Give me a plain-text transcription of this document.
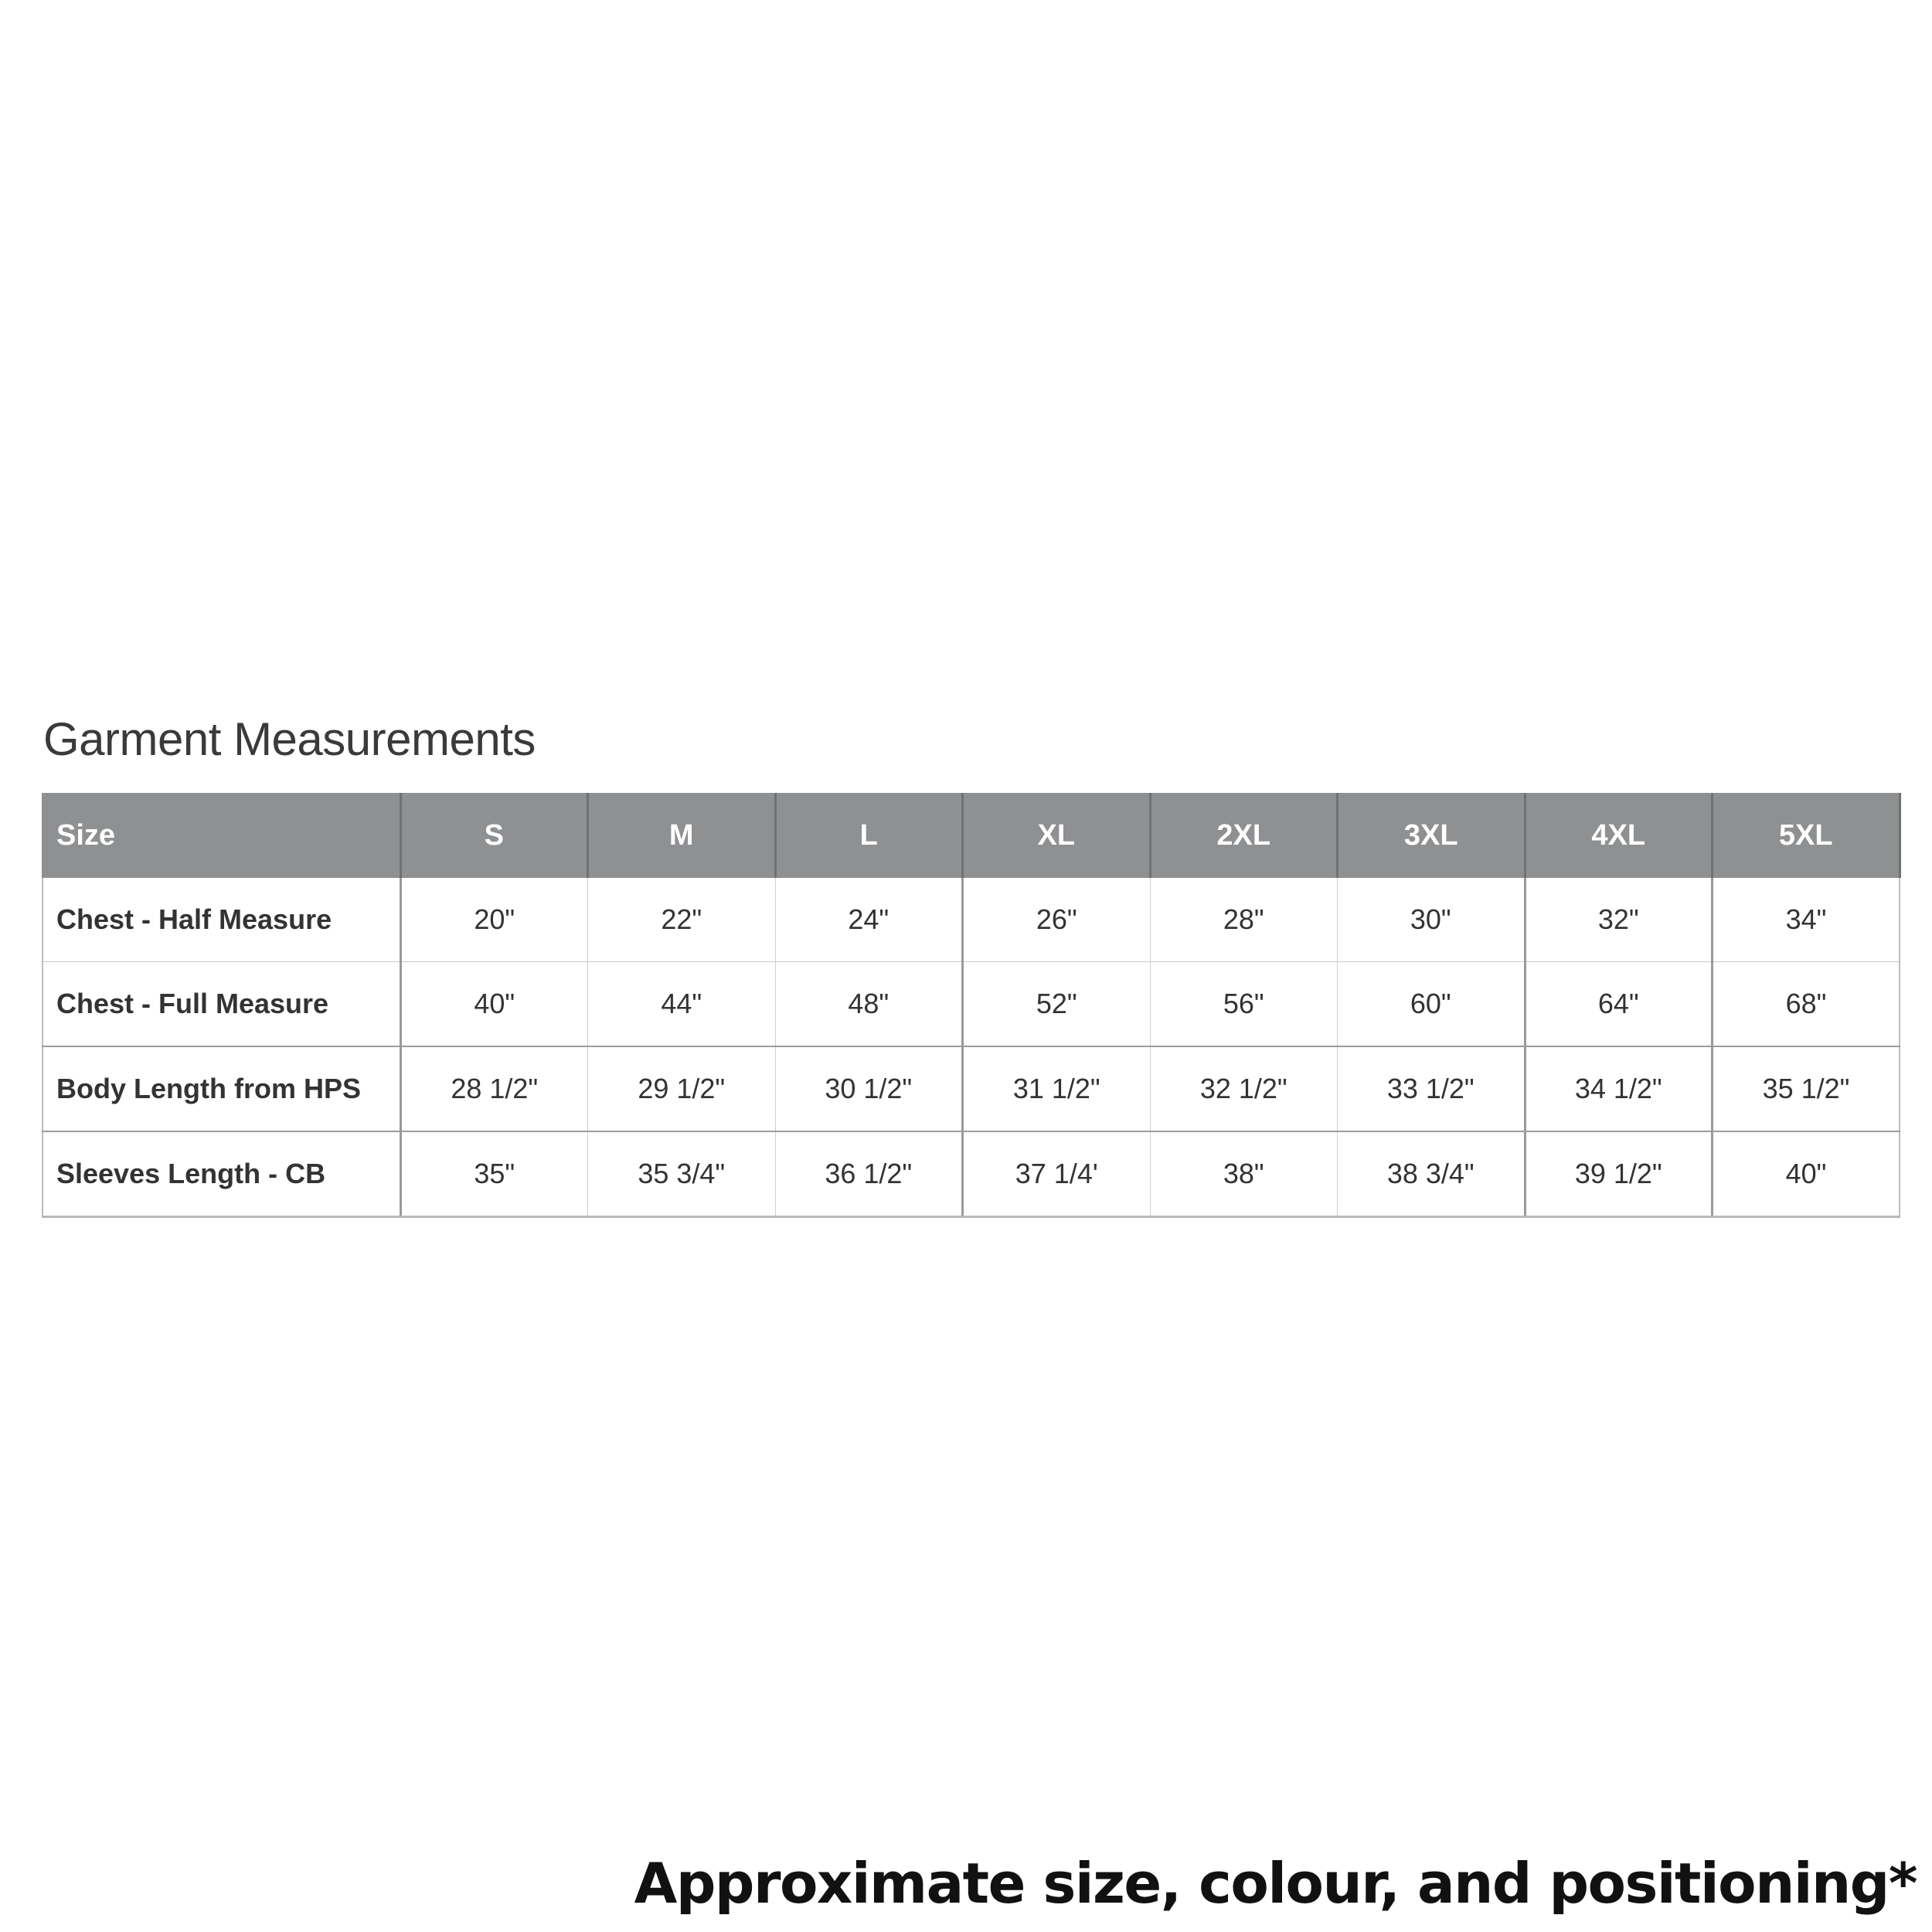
Garment Measurements
Size	S	M	L	XL	2XL	3XL	4XL	5XL
Chest - Half Measure	20"	22"	24"	26"	28"	30"	32"	34"
Chest - Full Measure	40"	44"	48"	52"	56"	60"	64"	68"
Body Length from HPS	28 1/2"	29 1/2"	30 1/2"	31 1/2"	32 1/2"	33 1/2"	34 1/2"	35 1/2"
Sleeves Length - CB	35"	35 3/4"	36 1/2"	37 1/4'	38"	38 3/4"	39 1/2"	40"
Approximate size, colour, and positioning*
